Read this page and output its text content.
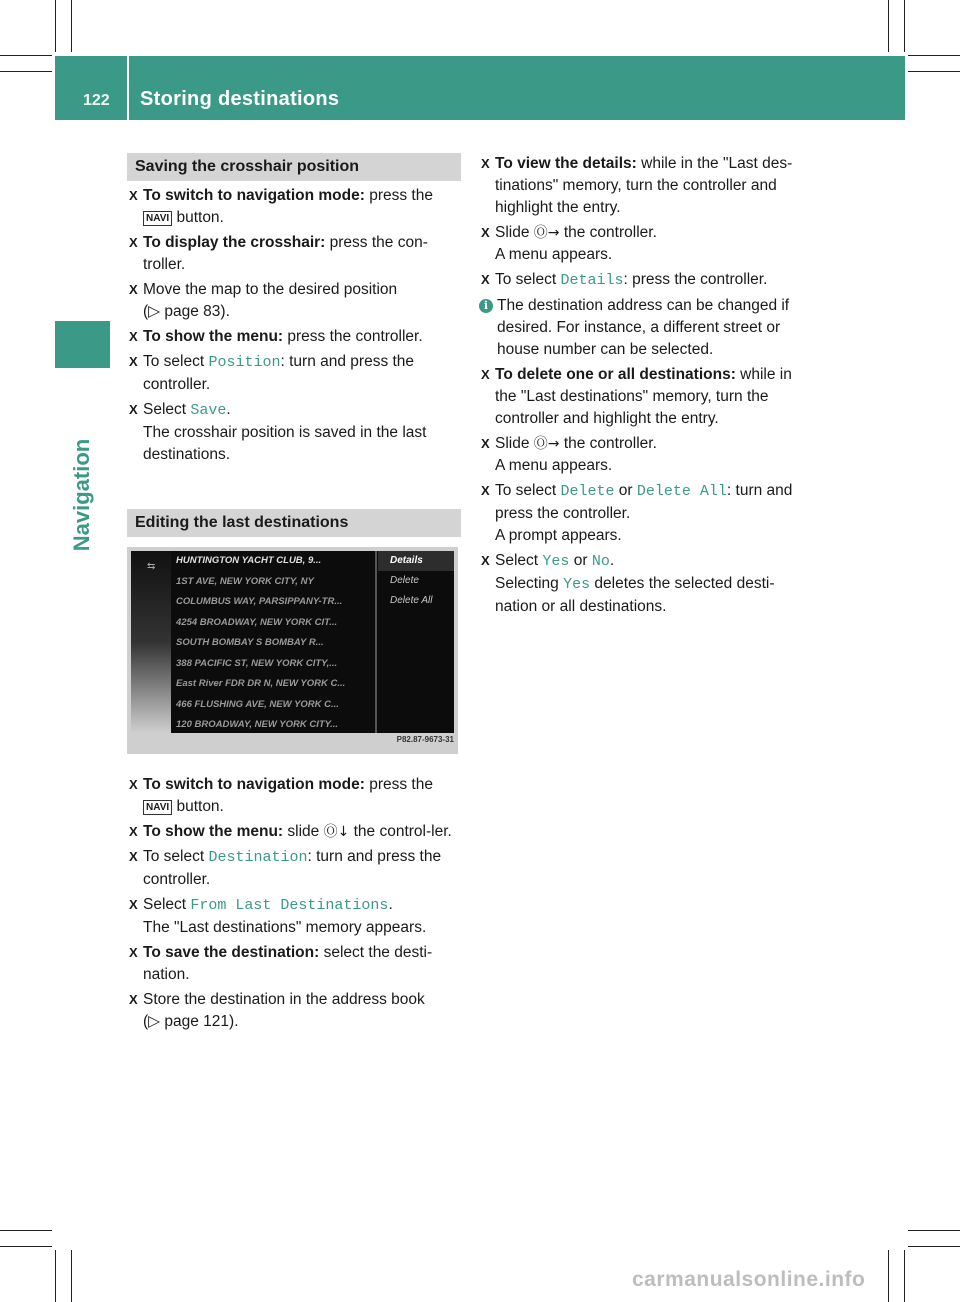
122 Storing destinations
Navigation
Saving the crosshair position
X To switch to navigation mode: press the
NAVI button.
X To display the crosshair: press the con-troller.
X Move the map to the desired position
(▷ page 83).
X To show the menu: press the controller.
X To select Position: turn and press the controller.
X Select Save.
The crosshair position is saved in the last destinations.
Editing the last destinations
⇆
HUNTINGTON YACHT CLUB, 9...
1ST AVE, NEW YORK CITY, NY
COLUMBUS WAY, PARSIPPANY-TR...
4254 BROADWAY, NEW YORK CIT...
SOUTH BOMBAY S BOMBAY R...
388 PACIFIC ST, NEW YORK CITY,...
East River FDR DR N, NEW YORK C...
466 FLUSHING AVE, NEW YORK C...
120 BROADWAY, NEW YORK CITY...
Details
Delete
Delete All
P82.87-9673-31
X To switch to navigation mode: press the
NAVI button.
X To show the menu: slide Ⓞ↓ the control-ler.
X To select Destination: turn and press the controller.
X Select From Last Destinations.
The "Last destinations" memory appears.
X To save the destination: select the desti-nation.
X Store the destination in the address book
(▷ page 121).
X To view the details: while in the "Last des-tinations" memory, turn the controller and highlight the entry.
X Slide Ⓞ→ the controller.
A menu appears.
X To select Details: press the controller.
i The destination address can be changed if desired. For instance, a different street or house number can be selected.
X To delete one or all destinations: while in the "Last destinations" memory, turn the controller and highlight the entry.
X Slide Ⓞ→ the controller.
A menu appears.
X To select Delete or Delete All: turn and press the controller.
A prompt appears.
X Select Yes or No.
Selecting Yes deletes the selected desti-nation or all destinations.
carmanualsonline.info
